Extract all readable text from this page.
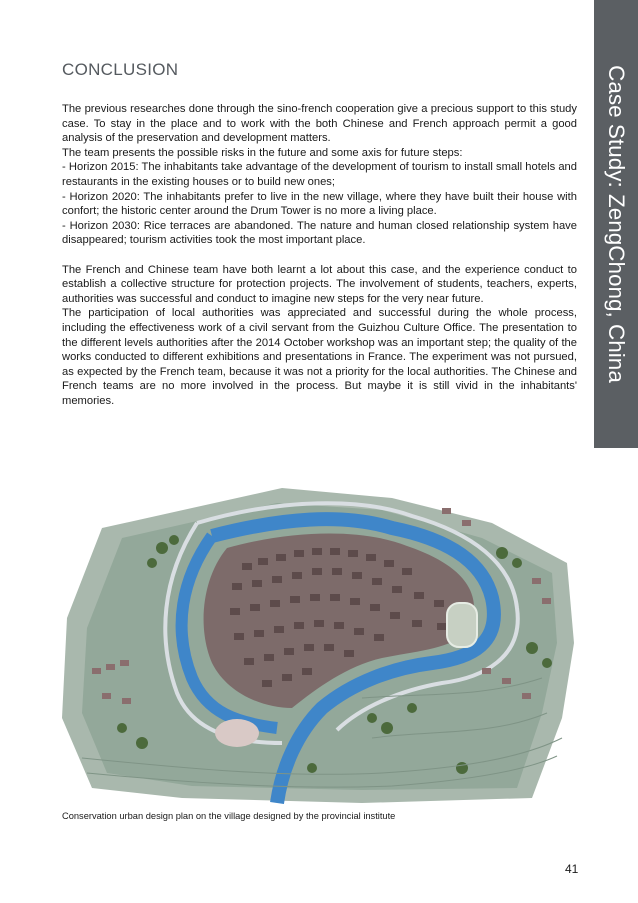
CONCLUSION

The previous researches done through the sino-french cooperation give a precious support to this study case. To stay in the place and to work with the both Chinese and French approach permit a good analysis of the preservation and development matters.

The team presents the possible risks in the future and some axis for future steps:

- Horizon 2015: The inhabitants take advantage of the development of tourism to install small hotels and restaurants in the existing houses or to build new ones;

- Horizon 2020: The inhabitants prefer to live in the new village, where they have built their house with confort; the historic center around the Drum Tower is no more a living place.

- Horizon 2030: Rice terraces are abandoned. The nature and human closed relationship system have disappeared; tourism activities took the most important place.

The French and Chinese team have both learnt a lot about this case, and the experience conduct to establish a collective structure for protection projects. The involvement of students, teachers, experts, authorities was successful and conduct to imagine new steps for the very near future.

The participation of local authorities was appreciated and successful during the whole process, including the effectiveness work of a civil servant from the Guizhou Culture Office. The presentation to the different levels authorities after the 2014 October workshop was an important step; the quality of the works conducted to different exhibitions and presentations in France. The experiment was not pursued, as expected by the French team, because it was not a priority for the local authorities. The Chinese and French teams are no more involved in the process. But maybe it is still vivid in the inhabitants' memories.

Conservation urban design plan on the village designed by the provincial institute
41
Case Study: ZengChong, China
